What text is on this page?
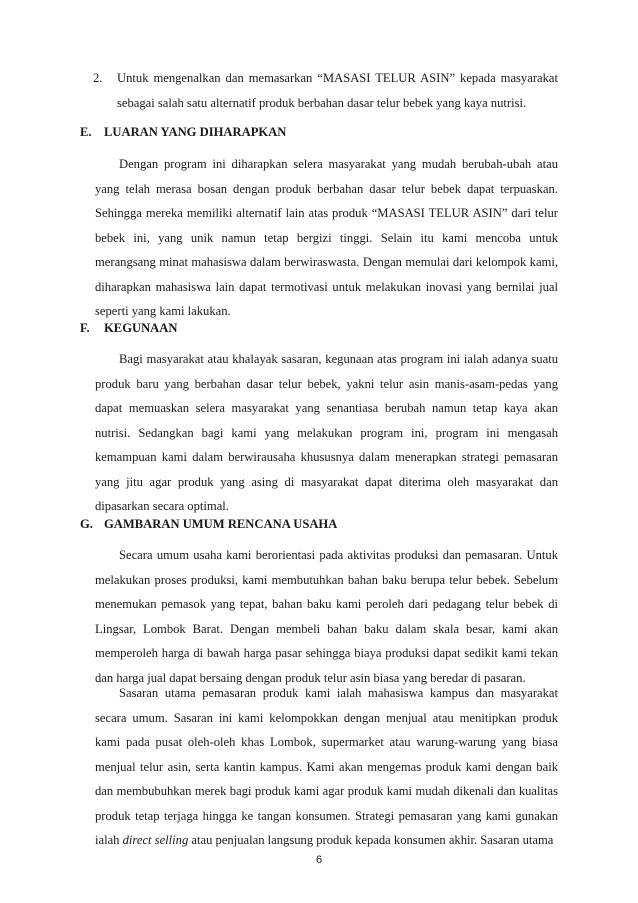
2. Untuk mengenalkan dan memasarkan “MASASI TELUR ASIN” kepada masyarakat sebagai salah satu alternatif produk berbahan dasar telur bebek yang kaya nutrisi.
E. LUARAN YANG DIHARAPKAN

Dengan program ini diharapkan selera masyarakat yang mudah berubah-ubah atau yang telah merasa bosan dengan produk berbahan dasar telur bebek dapat terpuaskan. Sehingga mereka memiliki alternatif lain atas produk “MASASI TELUR ASIN” dari telur bebek ini, yang unik namun tetap bergizi tinggi. Selain itu kami mencoba untuk merangsang minat mahasiswa dalam berwiraswasta. Dengan memulai dari kelompok kami, diharapkan mahasiswa lain dapat termotivasi untuk melakukan inovasi yang bernilai jual seperti yang kami lakukan.

F. KEGUNAAN

Bagi masyarakat atau khalayak sasaran, kegunaan atas program ini ialah adanya suatu produk baru yang berbahan dasar telur bebek, yakni telur asin manis-asam-pedas yang dapat memuaskan selera masyarakat yang senantiasa berubah namun tetap kaya akan nutrisi. Sedangkan bagi kami yang melakukan program ini, program ini mengasah kemampuan kami dalam berwirausaha khususnya dalam menerapkan strategi pemasaran yang jitu agar produk yang asing di masyarakat dapat diterima oleh masyarakat dan dipasarkan secara optimal.

G. GAMBARAN UMUM RENCANA USAHA

Secara umum usaha kami berorientasi pada aktivitas produksi dan pemasaran. Untuk melakukan proses produksi, kami membutuhkan bahan baku berupa telur bebek. Sebelum menemukan pemasok yang tepat, bahan baku kami peroleh dari pedagang telur bebek di Lingsar, Lombok Barat. Dengan membeli bahan baku dalam skala besar, kami akan memperoleh harga di bawah harga pasar sehingga biaya produksi dapat sedikit kami tekan dan harga jual dapat bersaing dengan produk telur asin biasa yang beredar di pasaran.

Sasaran utama pemasaran produk kami ialah mahasiswa kampus dan masyarakat secara umum. Sasaran ini kami kelompokkan dengan menjual atau menitipkan produk kami pada pusat oleh-oleh khas Lombok, supermarket atau warung-warung yang biasa menjual telur asin, serta kantin kampus. Kami akan mengemas produk kami dengan baik dan membubuhkan merek bagi produk kami agar produk kami mudah dikenali dan kualitas produk tetap terjaga hingga ke tangan konsumen. Strategi pemasaran yang kami gunakan ialah direct selling atau penjualan langsung produk kepada konsumen akhir. Sasaran utama

6
